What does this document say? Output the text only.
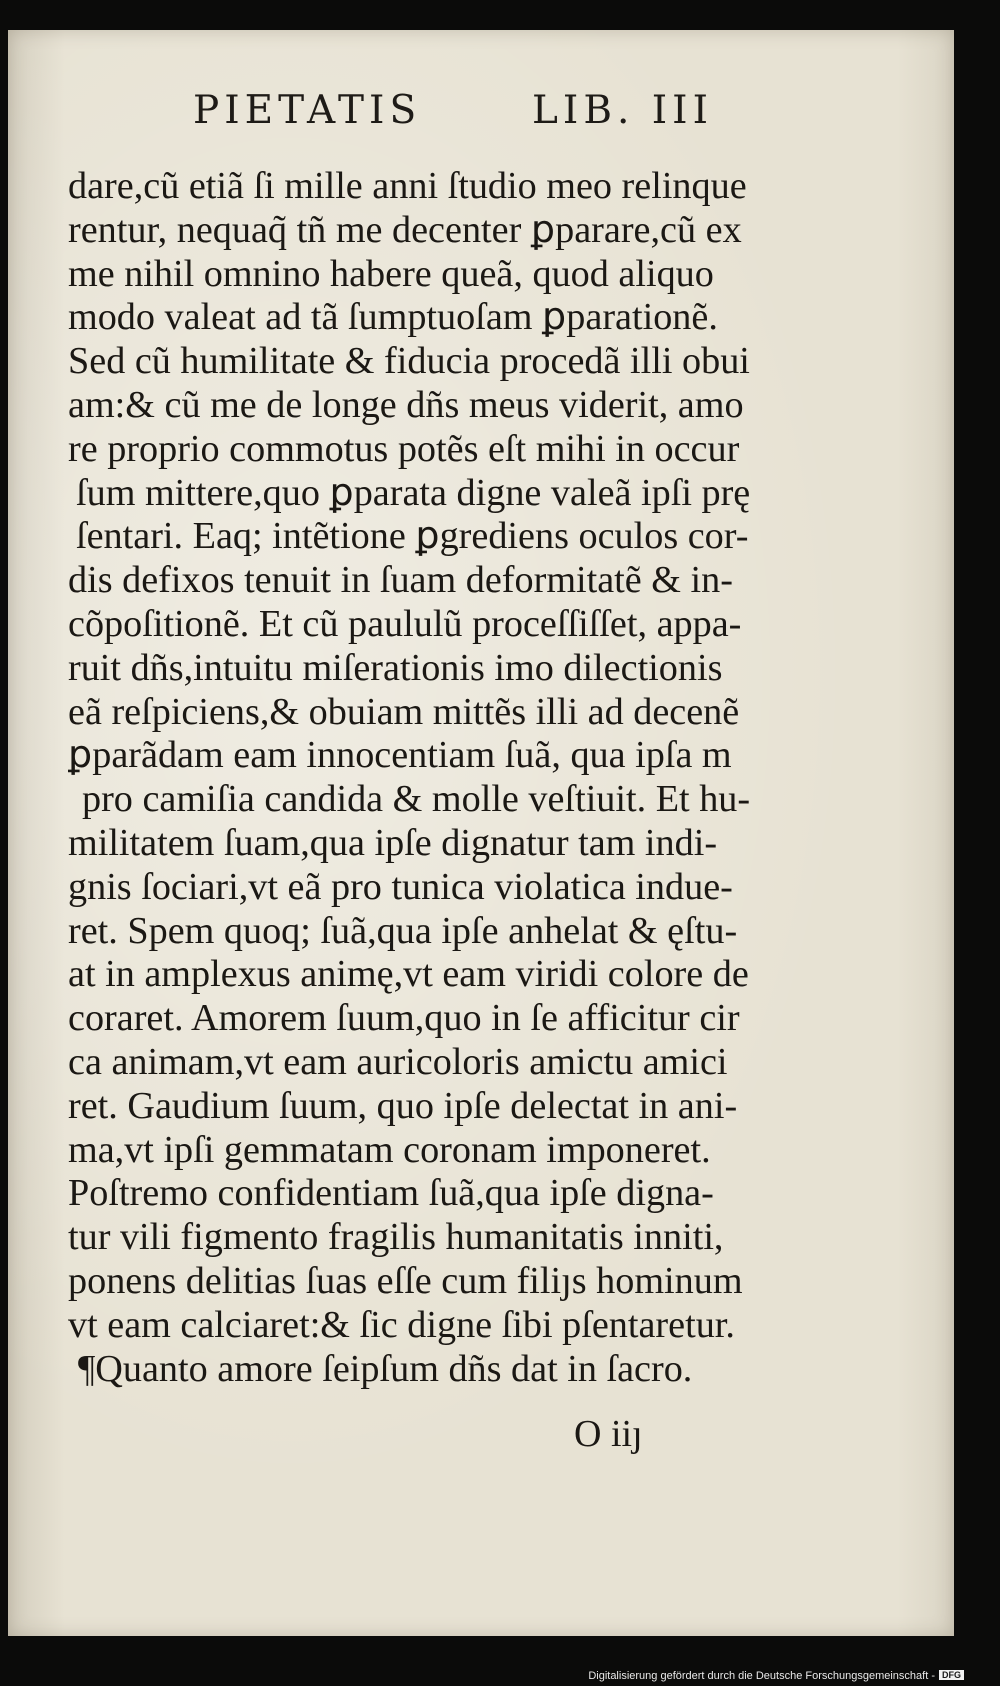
PIETATIS	LIB. III
dare,cũ etiã ſi mille anni ſtudio meo relinque
rentur, nequaq̃ tñ me decenter ꝑparare,cũ ex
me nihil omnino habere queã, quod aliquo
modo valeat ad tã ſumptuoſam ꝑparationẽ.
Sed cũ humilitate & fiducia procedã illi obui
am:& cũ me de longe dñs meus viderit, amo
re proprio commotus potẽs eſt mihi in occur
ſum mittere,quo ꝑparata digne valeã ipſi prę
ſentari. Eaq; intẽtione ꝑgrediens oculos cor-
dis defixos tenuit in ſuam deformitatẽ & in-
cõpoſitionẽ. Et cũ paululũ proceſſiſſet, appa-
ruit dñs,intuitu miſerationis imo dilectionis
eã reſpiciens,& obuiam mittẽs illi ad decenẽ
ꝑparãdam eam innocentiam ſuã, qua ipſa m
pro camiſia candida & molle veſtiuit. Et hu-
militatem ſuam,qua ipſe dignatur tam indi-
gnis ſociari,vt eã pro tunica violatica indue-
ret. Spem quoq; ſuã,qua ipſe anhelat & ęſtu-
at in amplexus animę,vt eam viridi colore de
coraret. Amorem ſuum,quo in ſe afficitur cir
ca animam,vt eam auricoloris amictu amici
ret. Gaudium ſuum, quo ipſe delectat in ani-
ma,vt ipſi gemmatam coronam imponeret.
Poſtremo confidentiam ſuã,qua ipſe digna-
tur vili figmento fragilis humanitatis inniti,
ponens delitias ſuas eſſe cum filiȷs hominum
vt eam calciaret:& ſic digne ſibi pſentaretur.
¶Quanto amore ſeipſum dñs dat in ſacro.
O iiȷ
Digitalisierung gefördert durch die Deutsche Forschungsgemeinschaft - DFG
